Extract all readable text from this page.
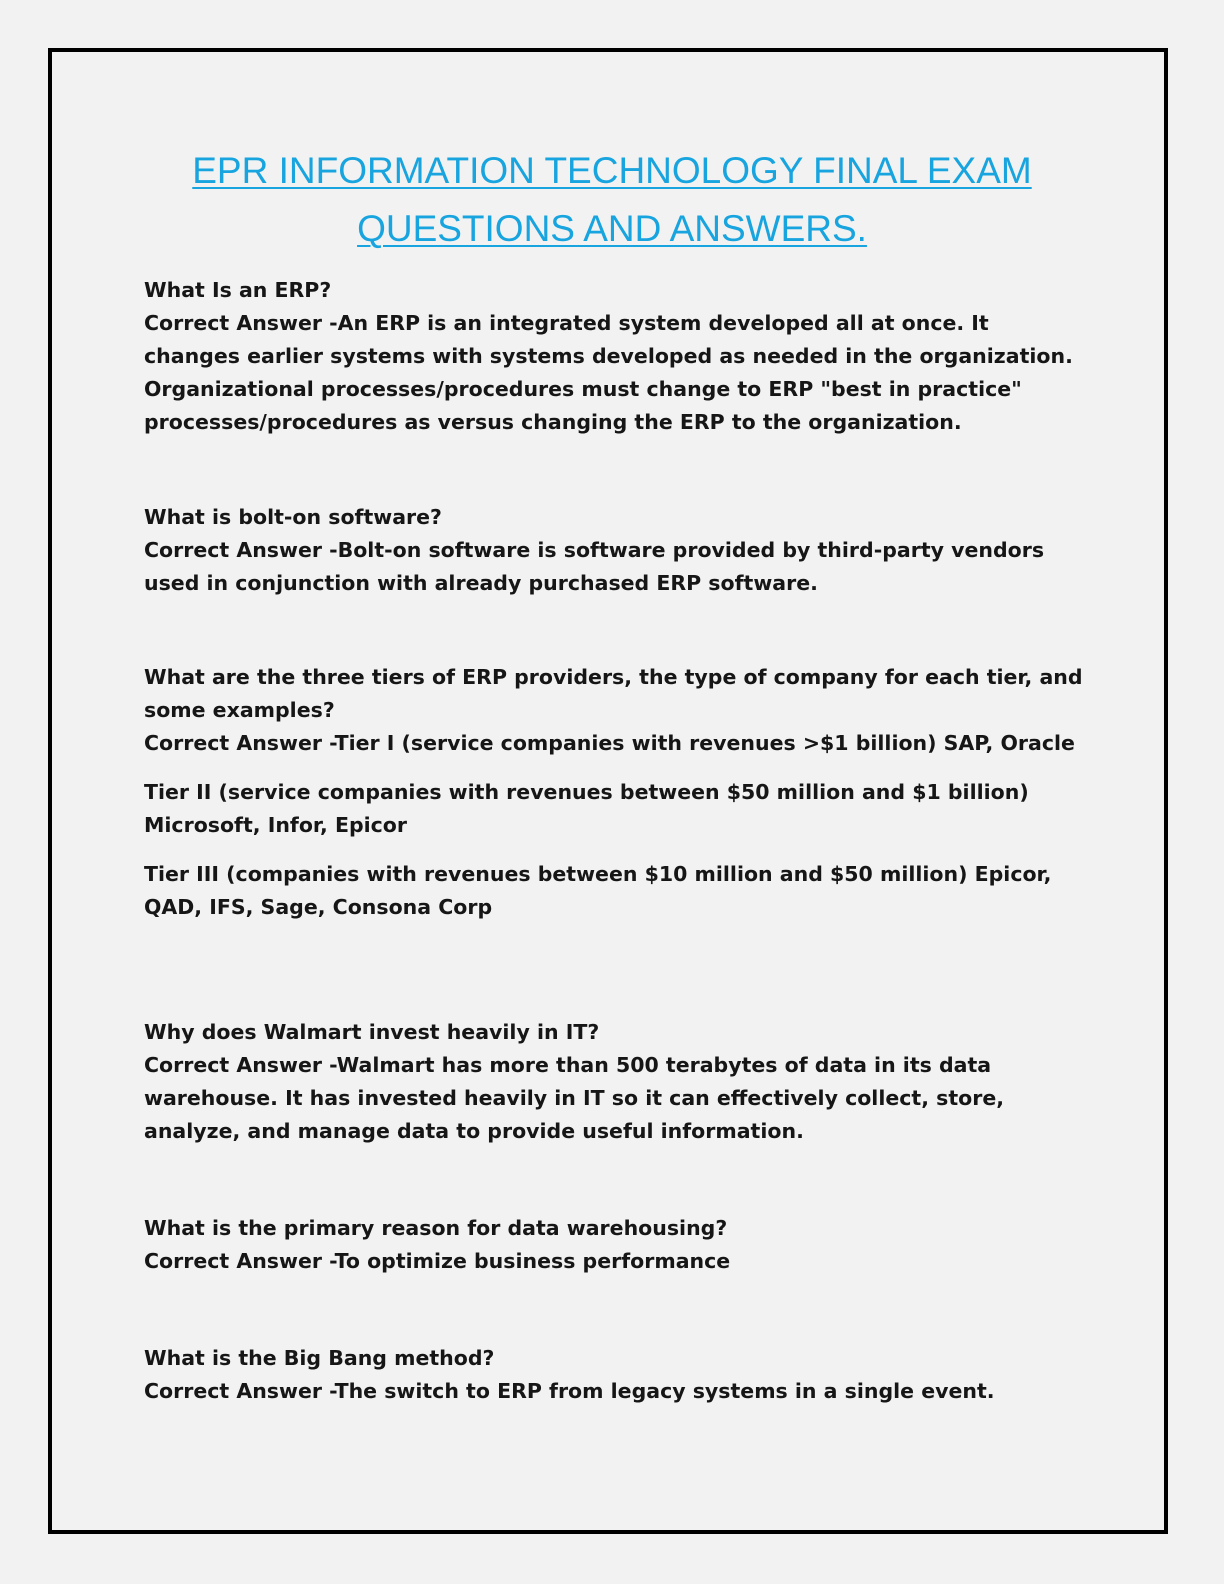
EPR INFORMATION TECHNOLOGY FINAL EXAM
QUESTIONS AND ANSWERS.

What Is an ERP?

Correct Answer -An ERP is an integrated system developed all at once. It changes earlier systems with systems developed as needed in the organization. Organizational processes/procedures must change to ERP "best in practice" processes/procedures as versus changing the ERP to the organization.

What is bolt-on software?

Correct Answer -Bolt-on software is software provided by third-party vendors used in conjunction with already purchased ERP software.

What are the three tiers of ERP providers, the type of company for each tier, and some examples?

Correct Answer -Tier I (service companies with revenues >$1 billion) SAP, Oracle

Tier II (service companies with revenues between $50 million and $1 billion) Microsoft, Infor, Epicor

Tier III (companies with revenues between $10 million and $50 million) Epicor, QAD, IFS, Sage, Consona Corp

Why does Walmart invest heavily in IT?

Correct Answer -Walmart has more than 500 terabytes of data in its data warehouse. It has invested heavily in IT so it can effectively collect, store, analyze, and manage data to provide useful information.

What is the primary reason for data warehousing?

Correct Answer -To optimize business performance

What is the Big Bang method?

Correct Answer -The switch to ERP from legacy systems in a single event.
